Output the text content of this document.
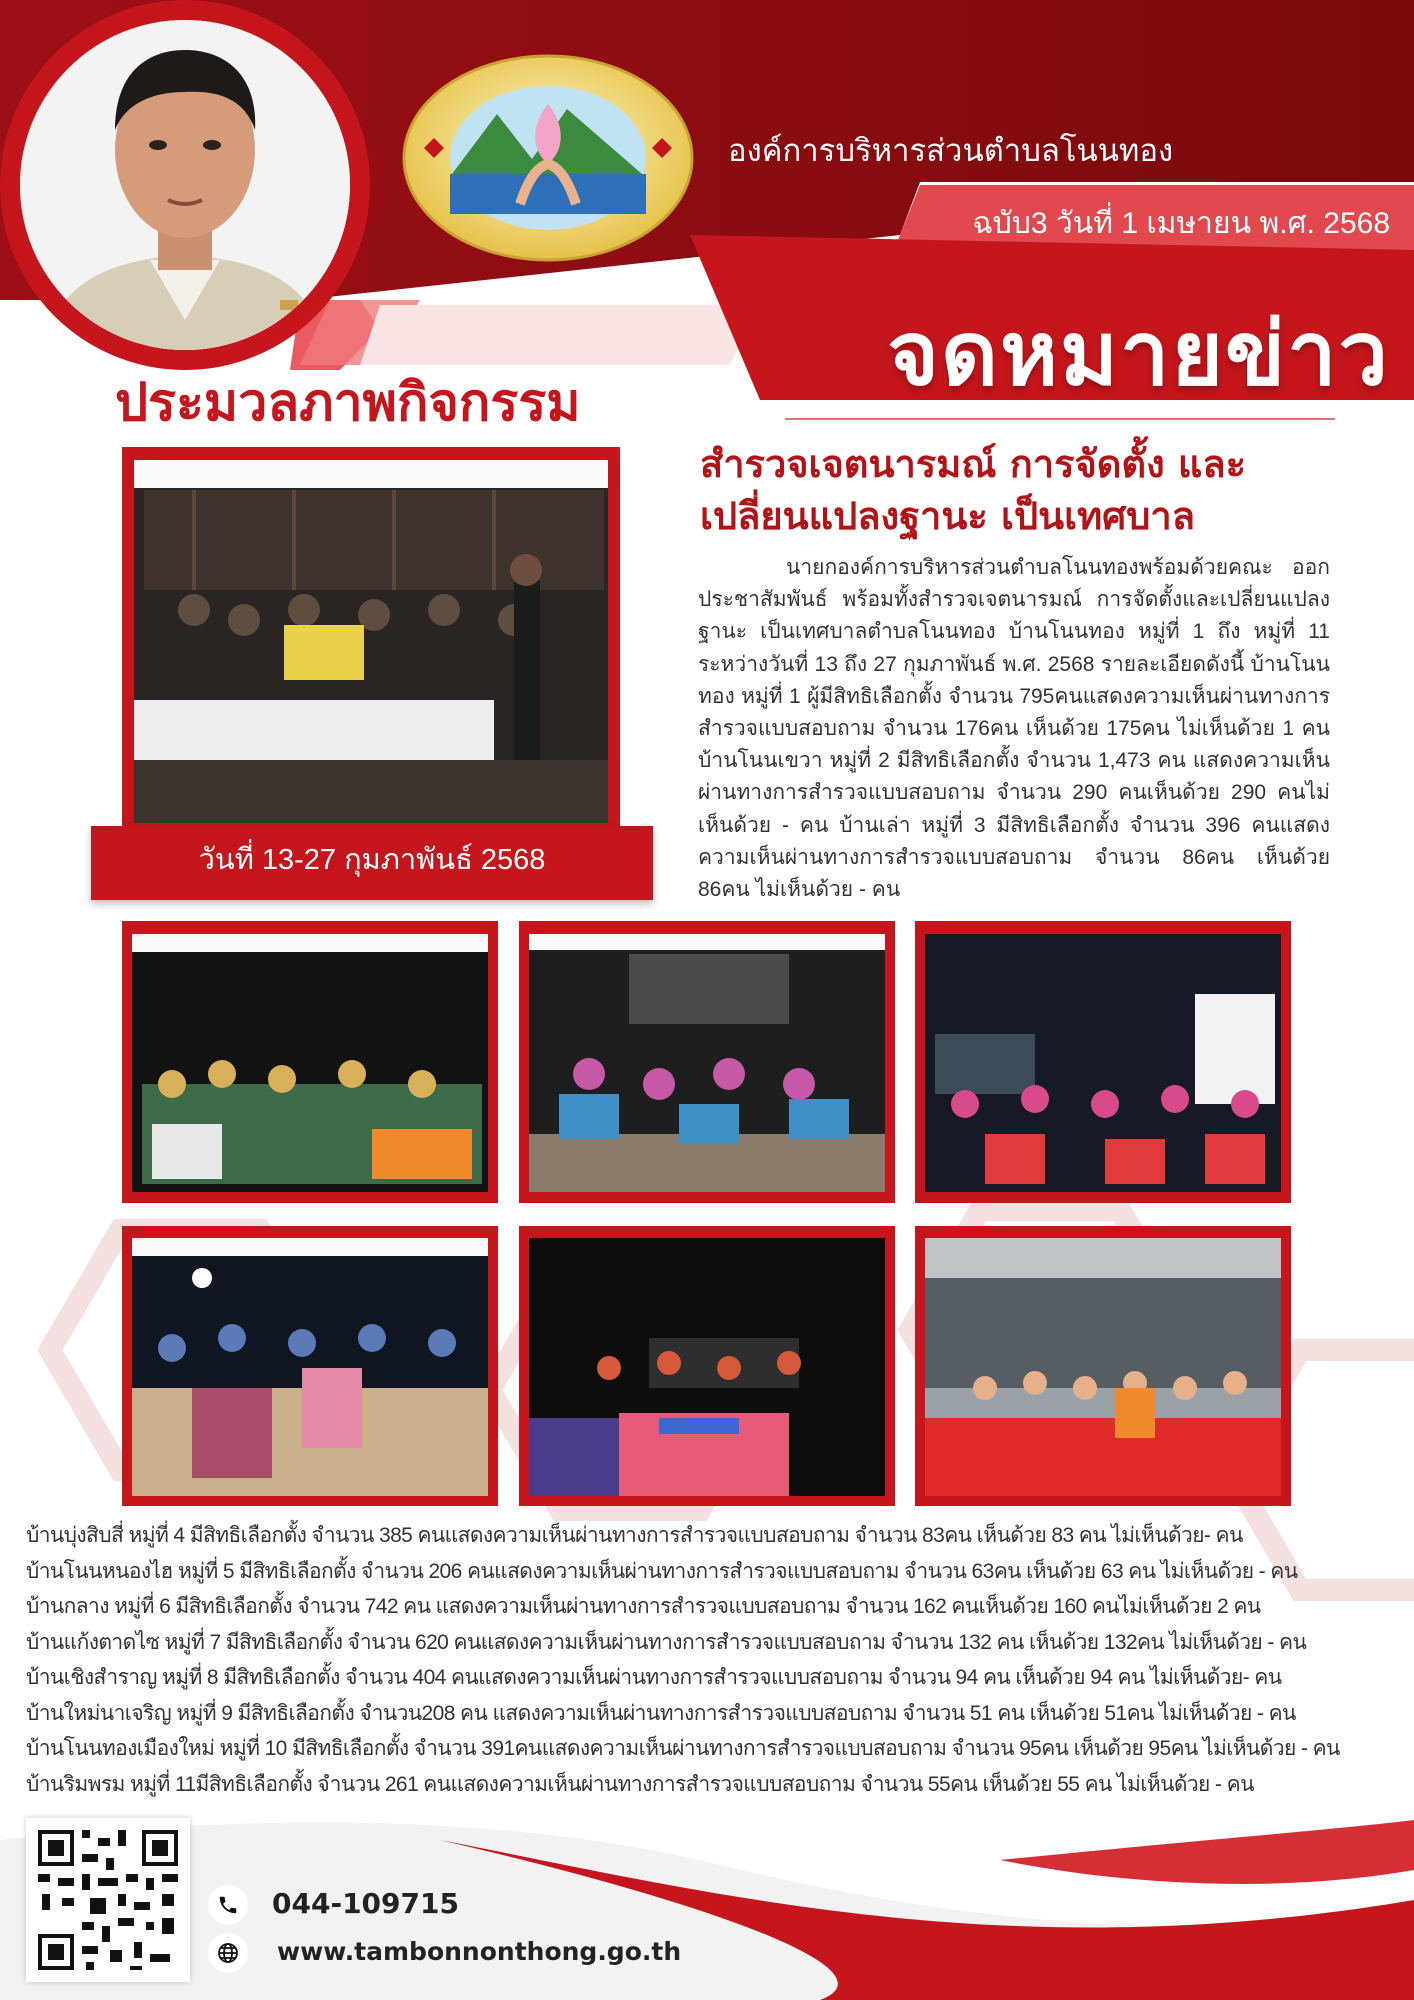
องค์การบริหารส่วนตำบลโนนทอง
ฉบับ3 วันที่ 1 เมษายน พ.ศ. 2568
จดหมายข่าว
ประมวลภาพกิจกรรม
วันที่ 13-27 กุมภาพันธ์ 2568
สำรวจเจตนารมณ์ การจัดตั้ง และเปลี่ยนแปลงฐานะ เป็นเทศบาล
นายกองค์การบริหารส่วนตำบลโนนทองพร้อมด้วยคณะ ออกประชาสัมพันธ์ พร้อมทั้งสำรวจเจตนารมณ์ การจัดตั้งและเปลี่ยนแปลงฐานะ เป็นเทศบาลตำบลโนนทอง บ้านโนนทอง หมู่ที่ 1 ถึง หมู่ที่ 11 ระหว่างวันที่ 13 ถึง 27 กุมภาพันธ์ พ.ศ. 2568 รายละเอียดดังนี้ บ้านโนนทอง หมู่ที่ 1 ผู้มีสิทธิเลือกตั้ง จำนวน 795คนแสดงความเห็นผ่านทางการสำรวจแบบสอบถาม จำนวน 176คน เห็นด้วย 175คน ไม่เห็นด้วย 1 คน บ้านโนนเขวา หมู่ที่ 2 มีสิทธิเลือกตั้ง จำนวน 1,473 คน แสดงความเห็นผ่านทางการสำรวจแบบสอบถาม จำนวน 290 คนเห็นด้วย 290 คนไม่เห็นด้วย - คน บ้านเล่า หมู่ที่ 3 มีสิทธิเลือกตั้ง จำนวน 396 คนแสดงความเห็นผ่านทางการสำรวจแบบสอบถาม จำนวน 86คน เห็นด้วย 86คน ไม่เห็นด้วย - คน
บ้านบุ่งสิบสี่ หมู่ที่ 4 มีสิทธิเลือกตั้ง จำนวน 385 คนแสดงความเห็นผ่านทางการสำรวจแบบสอบถาม จำนวน 83คน เห็นด้วย 83 คน ไม่เห็นด้วย- คน
บ้านโนนหนองไฮ หมู่ที่ 5 มีสิทธิเลือกตั้ง จำนวน 206 คนแสดงความเห็นผ่านทางการสำรวจแบบสอบถาม จำนวน 63คน เห็นด้วย 63 คน ไม่เห็นด้วย - คน
บ้านกลาง หมู่ที่ 6 มีสิทธิเลือกตั้ง จำนวน 742 คน แสดงความเห็นผ่านทางการสำรวจแบบสอบถาม จำนวน 162 คนเห็นด้วย 160 คนไม่เห็นด้วย 2 คน
บ้านแก้งตาดไซ หมู่ที่ 7 มีสิทธิเลือกตั้ง จำนวน 620 คนแสดงความเห็นผ่านทางการสำรวจแบบสอบถาม จำนวน 132 คน เห็นด้วย 132คน ไม่เห็นด้วย - คน
บ้านเชิงสำราญ หมู่ที่ 8 มีสิทธิเลือกตั้ง จำนวน 404 คนแสดงความเห็นผ่านทางการสำรวจแบบสอบถาม จำนวน 94 คน เห็นด้วย 94 คน ไม่เห็นด้วย- คน
บ้านใหม่นาเจริญ หมู่ที่ 9 มีสิทธิเลือกตั้ง จำนวน208 คน แสดงความเห็นผ่านทางการสำรวจแบบสอบถาม จำนวน 51 คน เห็นด้วย 51คน ไม่เห็นด้วย - คน
บ้านโนนทองเมืองใหม่ หมู่ที่ 10 มีสิทธิเลือกตั้ง จำนวน 391คนแสดงความเห็นผ่านทางการสำรวจแบบสอบถาม จำนวน 95คน เห็นด้วย 95คน ไม่เห็นด้วย - คน
บ้านริมพรม หมู่ที่ 11มีสิทธิเลือกตั้ง จำนวน 261 คนแสดงความเห็นผ่านทางการสำรวจแบบสอบถาม จำนวน 55คน เห็นด้วย 55 คน ไม่เห็นด้วย - คน
044-109715
www.tambonnonthong.go.th
